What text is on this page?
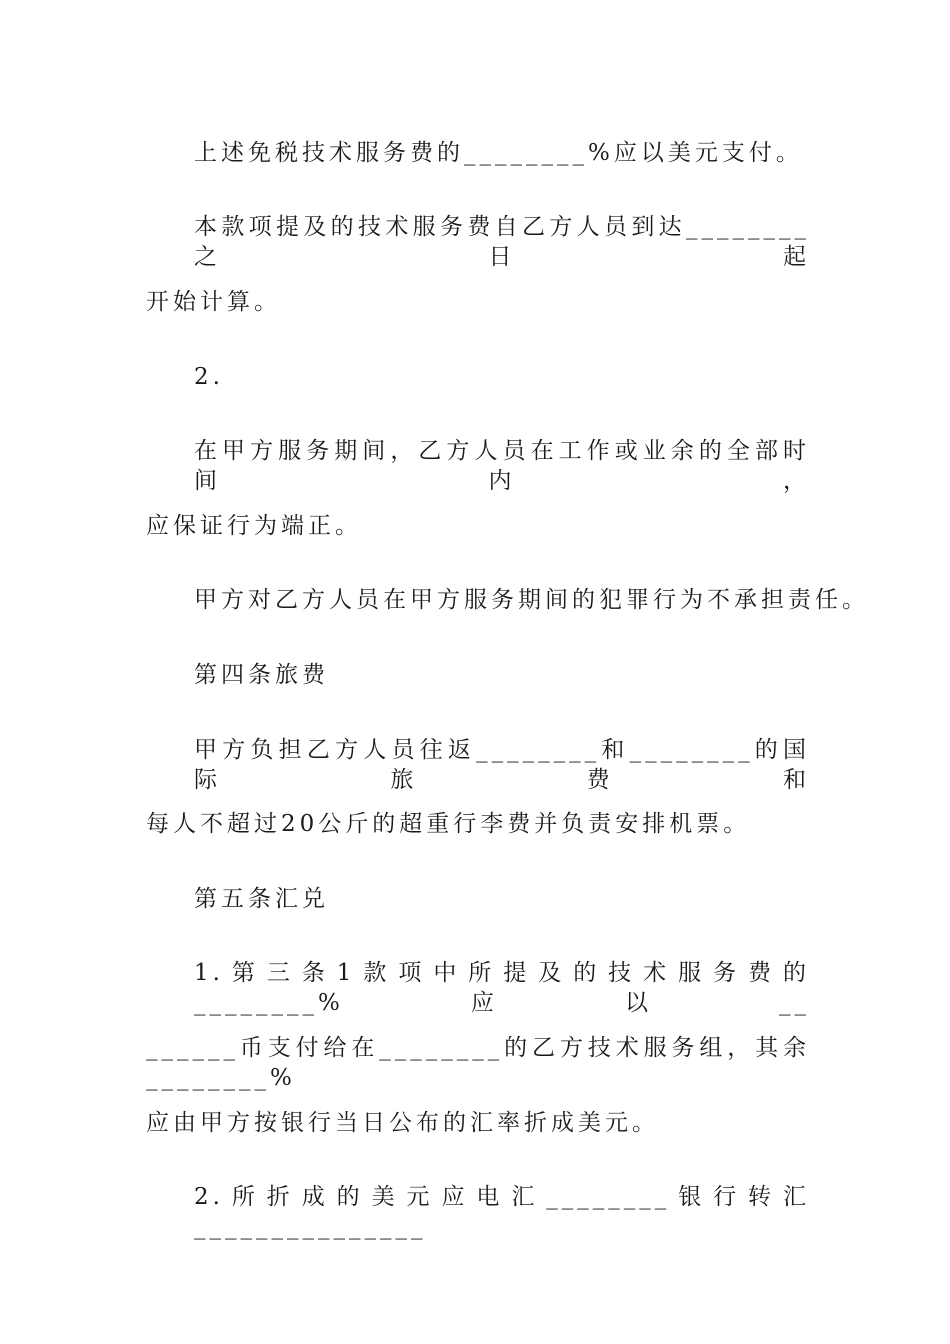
上述免税技术服务费的________%应以美元支付。
本款项提及的技术服务费自乙方人员到达________之日起
开始计算。
2.
在甲方服务期间，乙方人员在工作或业余的全部时间内，
应保证行为端正。
甲方对乙方人员在甲方服务期间的犯罪行为不承担责任。
第四条旅费
甲方负担乙方人员往返________和________的国际旅费和
每人不超过20公斤的超重行李费并负责安排机票。
第五条汇兑
1.第三条1款项中所提及的技术服务费的________%应以__
______币支付给在________的乙方技术服务组，其余________%
应由甲方按银行当日公布的汇率折成美元。
2.所折成的美元应电汇________银行转汇_______________
